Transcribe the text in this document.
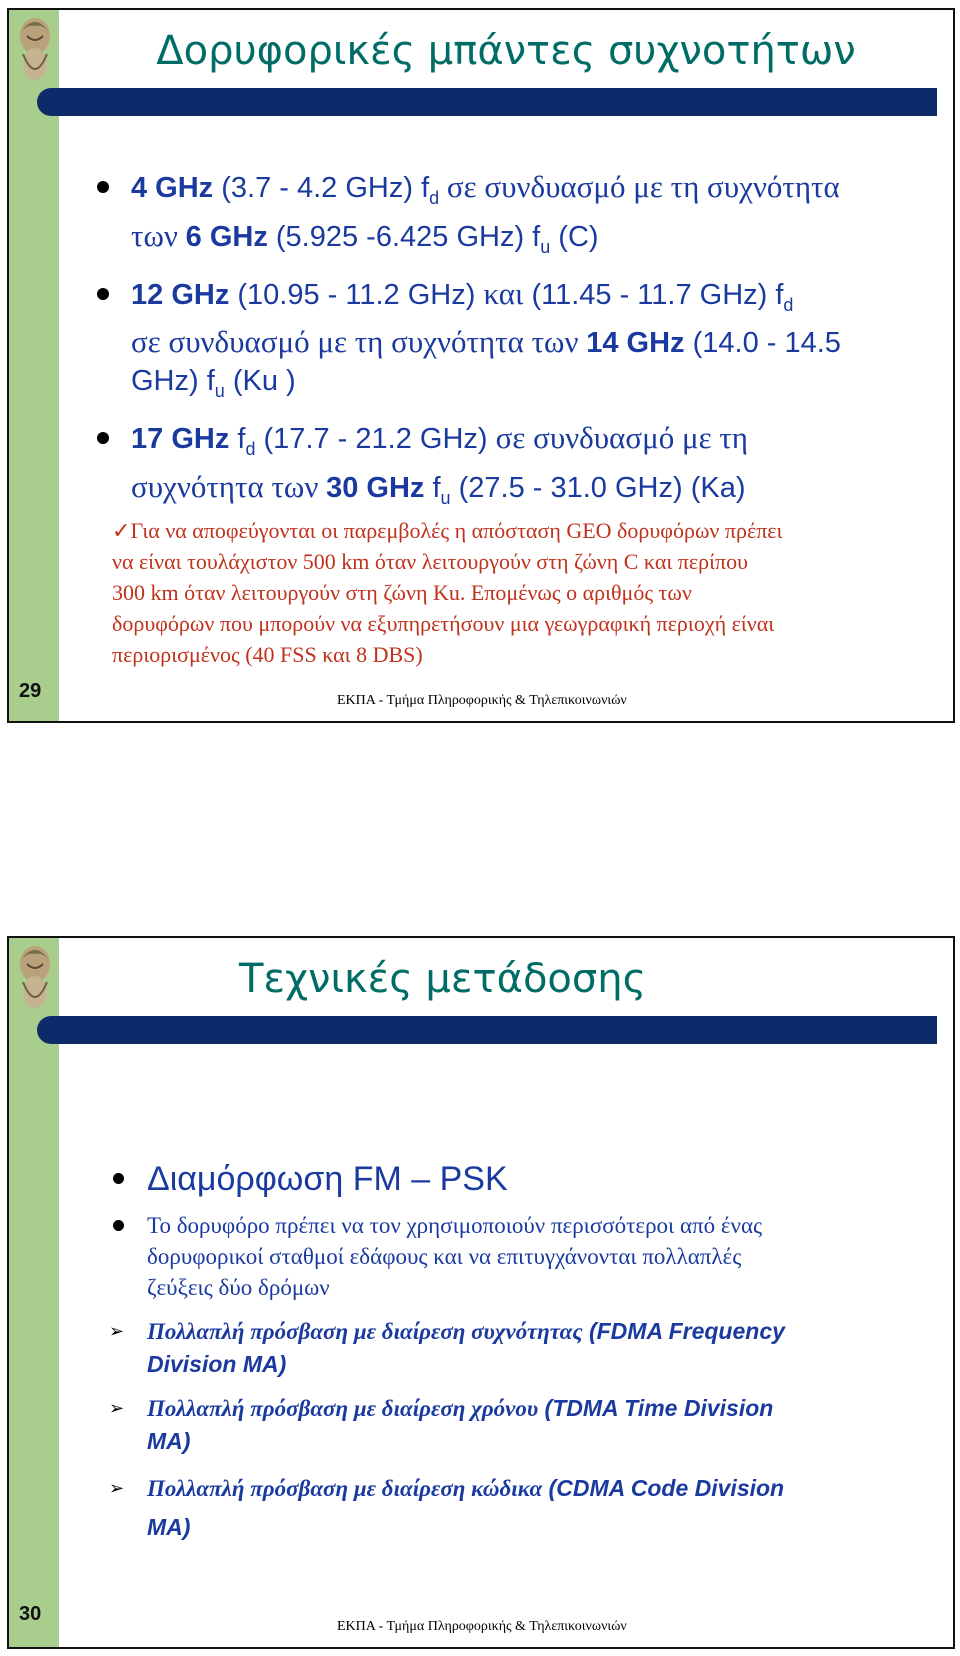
Δορυφορικές μπάντες συχνοτήτων
4 GHz (3.7 - 4.2 GHz) $f_d$ σε συνδυασμό με τη συχνότητα
των 6 GHz (5.925 -6.425 GHz) $f_u$ (C)
12 GHz (10.95 - 11.2 GHz) και (11.45 - 11.7 GHz) $f_d$
σε συνδυασμό με τη συχνότητα των 14 GHz (14.0 - 14.5
GHz) $f_u$ (Ku )
17 GHz $f_d$ (17.7 - 21.2 GHz) σε συνδυασμό με τη
συχνότητα των 30 GHz $f_u$ (27.5 - 31.0 GHz) (Ka)
✓Για να αποφεύγονται οι παρεμβολές η απόσταση GEO δορυφόρων πρέπει
να είναι τουλάχιστον 500 km όταν λειτουργούν στη ζώνη C και περίπου
300 km όταν λειτουργούν στη ζώνη Ku. Επομένως ο αριθμός των
δορυφόρων που μπορούν να εξυπηρετήσουν μια γεωγραφική περιοχή είναι
περιορισμένος (40 FSS και 8 DBS)
29	ΕΚΠΑ - Τμήμα Πληροφορικής & Τηλεπικοινωνιών
Τεχνικές μετάδοσης
Διαμόρφωση FM – PSK
Το δορυφόρο πρέπει να τον χρησιμοποιούν περισσότεροι από ένας
δορυφορικοί σταθμοί εδάφους και να επιτυγχάνονται πολλαπλές
ζεύξεις δύο δρόμων
➢ Πολλαπλή πρόσβαση με διαίρεση συχνότητας (FDMA Frequency
Division MA)
➢ Πολλαπλή πρόσβαση με διαίρεση χρόνου (TDMA Time Division
MA)
➢ Πολλαπλή πρόσβαση με διαίρεση κώδικα (CDMA Code Division
MA)
30
ΕΚΠΑ - Τμήμα Πληροφορικής & Τηλεπικοινωνιών
